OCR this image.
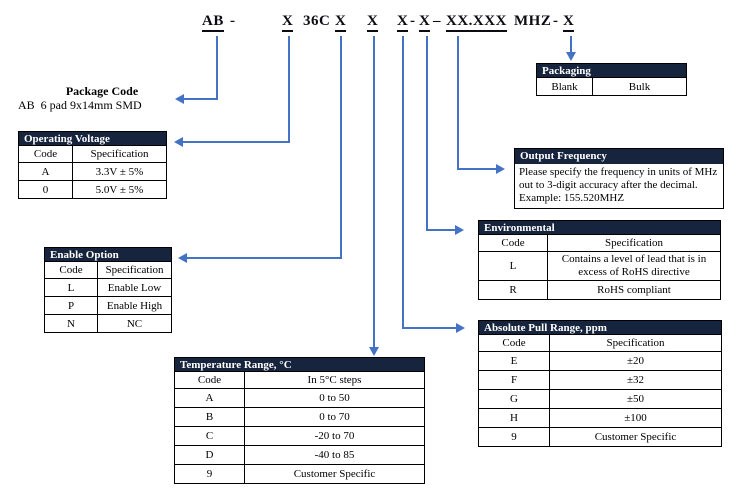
AB -	X 36C X X X - X – XX.XXX MHZ - X
Package Code
AB  6 pad 9x14mm SMD
Operating Voltage	
Code	Specification
A	3.3V ± 5%
0	5.0V ± 5%
Enable Option	
Code	Specification
L	Enable Low
P	Enable High
N	NC
Temperature Range, °C	
Code	In 5°C steps
A	0 to 50
B	0 to 70
C	-20 to 70
D	-40 to 85
9	Customer Specific
Packaging
Blank	Bulk
Output Frequency
Please specify the frequency in units of MHz
out to 3-digit accuracy after the decimal.
Example: 155.520MHZ
Environmental	
Code	Specification
L	Contains a level of lead that is in excess of RoHS directive
R	RoHS compliant
Absolute Pull Range, ppm	
Code	Specification
E	±20
F	±32
G	±50
H	±100
9	Customer Specific
